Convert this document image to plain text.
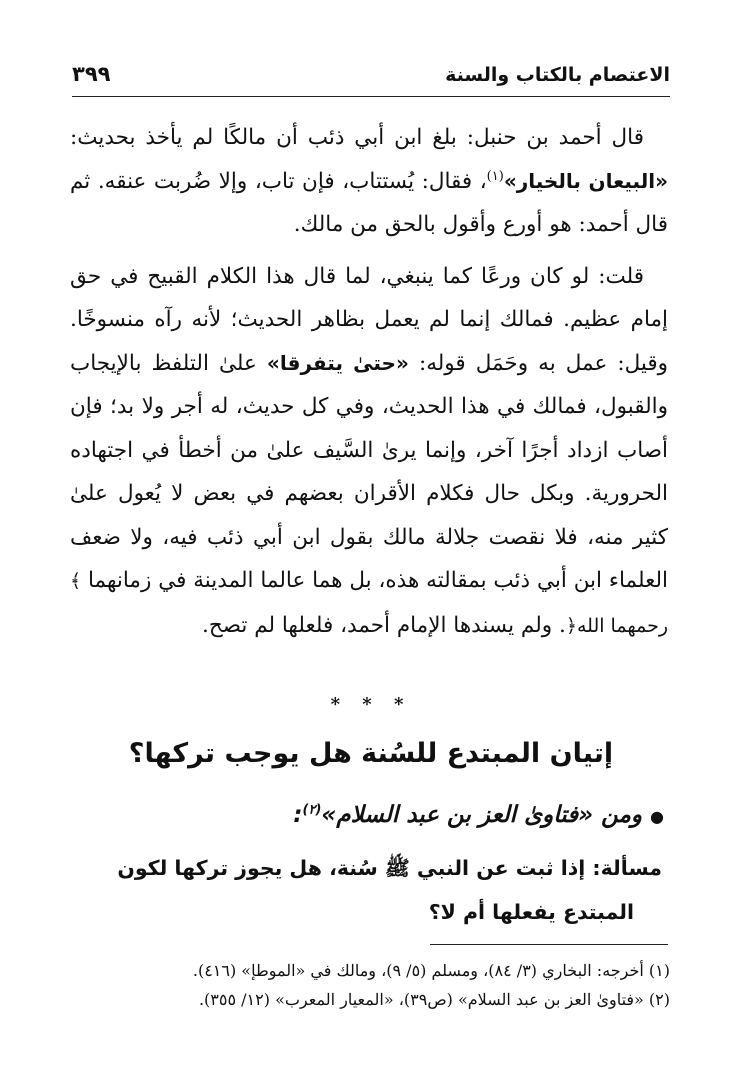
الاعتصام بالكتاب والسنة
٣٩٩

قال أحمد بن حنبل: بلغ ابن أبي ذئب أن مالكًا لم يأخذ بحديث: «البيعان بالخيار»$^{(١)}$، فقال: يُستتاب، فإن تاب، وإلا ضُربت عنقه. ثم قال أحمد: هو أورع وأقول بالحق من مالك.

قلت: لو كان ورعًا كما ينبغي، لما قال هذا الكلام القبيح في حق إمام عظيم. فمالك إنما لم يعمل بظاهر الحديث؛ لأنه رآه منسوخًا. وقيل: عمل به وحَمَل قوله: «حتىٰ يتفرقا» علىٰ التلفظ بالإيجاب والقبول، فمالك في هذا الحديث، وفي كل حديث، له أجر ولا بد؛ فإن أصاب ازداد أجرًا آخر، وإنما يرىٰ السَّيف علىٰ من أخطأ في اجتهاده الحرورية. وبكل حال فكلام الأقران بعضهم في بعض لا يُعول علىٰ كثير منه، فلا نقصت جلالة مالك بقول ابن أبي ذئب فيه، ولا ضعف العلماء ابن أبي ذئب بمقالته هذه، بل هما عالما المدينة في زمانهما ﴾رحمهما الله﴿. ولم يسندها الإمام أحمد، فلعلها لم تصح.

* * *
إتيان المبتدع للسُنة هل يوجب تركها؟
●ومن «فتاوىٰ العز بن عبد السلام»$^{(٢)}$:

مسألة: إذا ثبت عن النبي ﷺ سُنة، هل يجوز تركها لكون
المبتدع يفعلها أم لا؟

(١) أخرجه: البخاري (٣/ ٨٤)، ومسلم (٥/ ٩)، ومالك في «الموطإ» (٤١٦).

(٢) «فتاوىٰ العز بن عبد السلام» (ص٣٩)، «المعيار المعرب» (١٢/ ٣٥٥).
